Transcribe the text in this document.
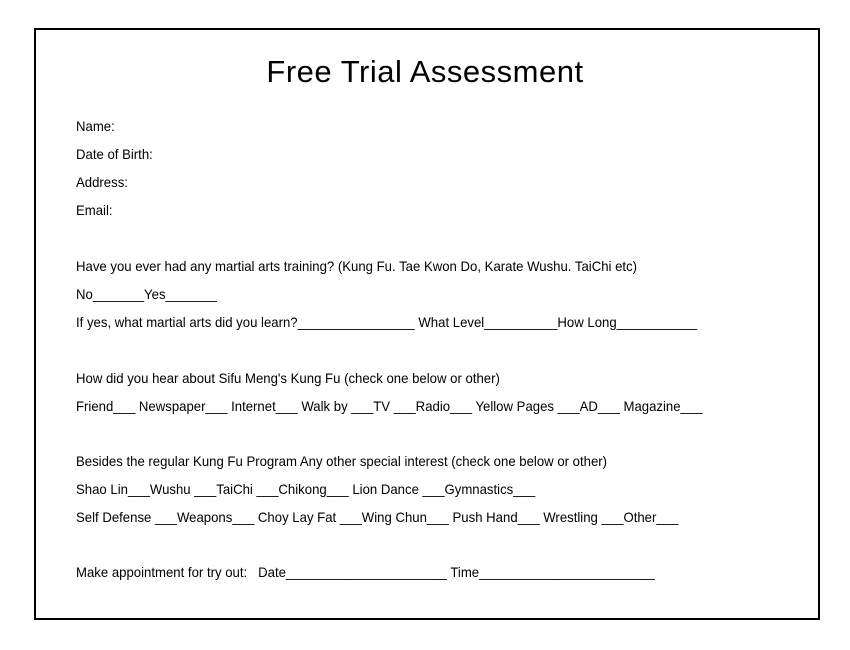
Free Trial Assessment
Name:
Date of Birth:
Address:
Email:
Have you ever had any martial arts training? (Kung Fu. Tae Kwon Do, Karate Wushu. TaiChi etc)
No_______Yes_______
If yes, what martial arts did you learn?________________ What Level__________How Long___________
How did you hear about Sifu Meng's Kung Fu (check one below or other)
Friend___ Newspaper___ Internet___ Walk by ___TV ___Radio___ Yellow Pages ___AD___ Magazine___
Besides the regular Kung Fu Program Any other special interest (check one below or other)
Shao Lin___Wushu ___TaiChi ___Chikong___ Lion Dance ___Gymnastics___
Self Defense ___Weapons___ Choy Lay Fat ___Wing Chun___ Push Hand___ Wrestling ___Other___
Make appointment for try out:   Date______________________ Time________________________
